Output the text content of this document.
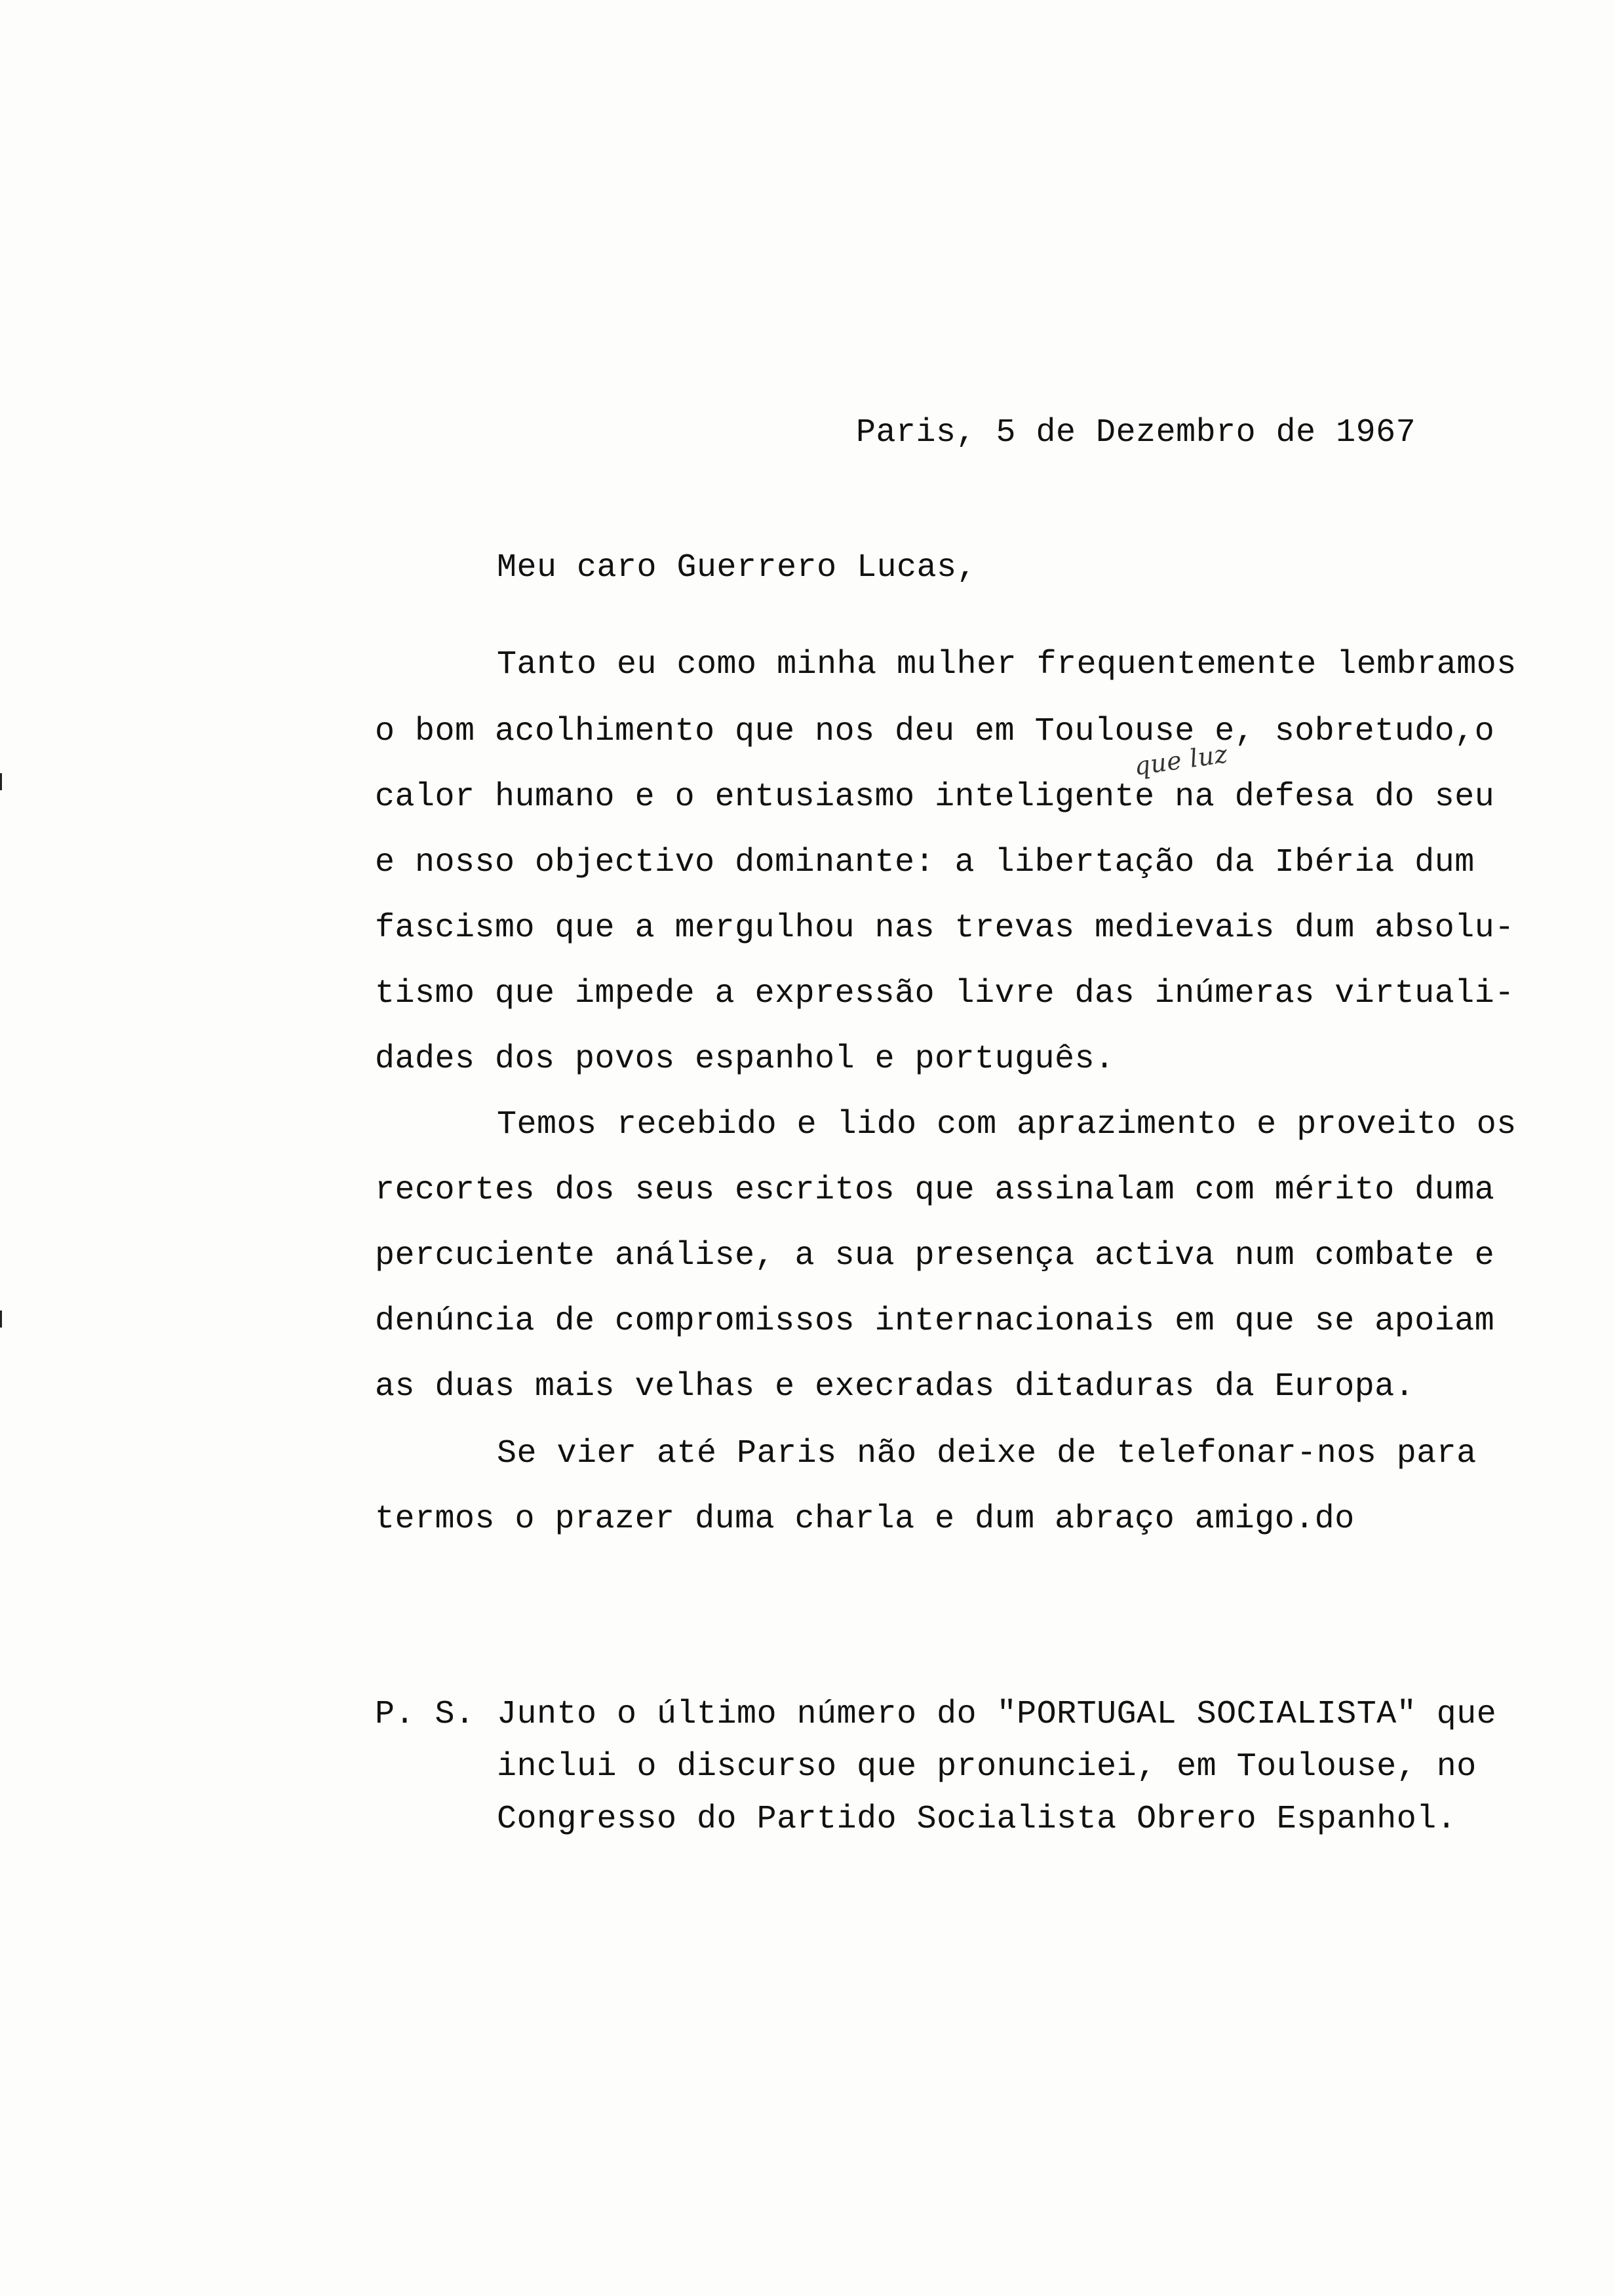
Paris, 5 de Dezembro de 1967
Meu caro Guerrero Lucas,
Tanto eu como minha mulher frequentemente lembramos
o bom acolhimento que nos deu em Toulouse e, sobretudo,o
calor humano e o entusiasmo inteligente na defesa do seu
e nosso objectivo dominante: a libertação da Ibéria dum
fascismo que a mergulhou nas trevas medievais dum absolu-
tismo que impede a expressão livre das inúmeras virtuali-
dades dos povos espanhol e português.
que luz
Temos recebido e lido com aprazimento e proveito os
recortes dos seus escritos que assinalam com mérito duma
percuciente análise, a sua presença activa num combate e
denúncia de compromissos internacionais em que se apoiam
as duas mais velhas e execradas ditaduras da Europa.
Se vier até Paris não deixe de telefonar-nos para
termos o prazer duma charla e dum abraço amigo.do
P. S. Junto o último número do "PORTUGAL SOCIALISTA" que
inclui o discurso que pronunciei, em Toulouse, no
Congresso do Partido Socialista Obrero Espanhol.
